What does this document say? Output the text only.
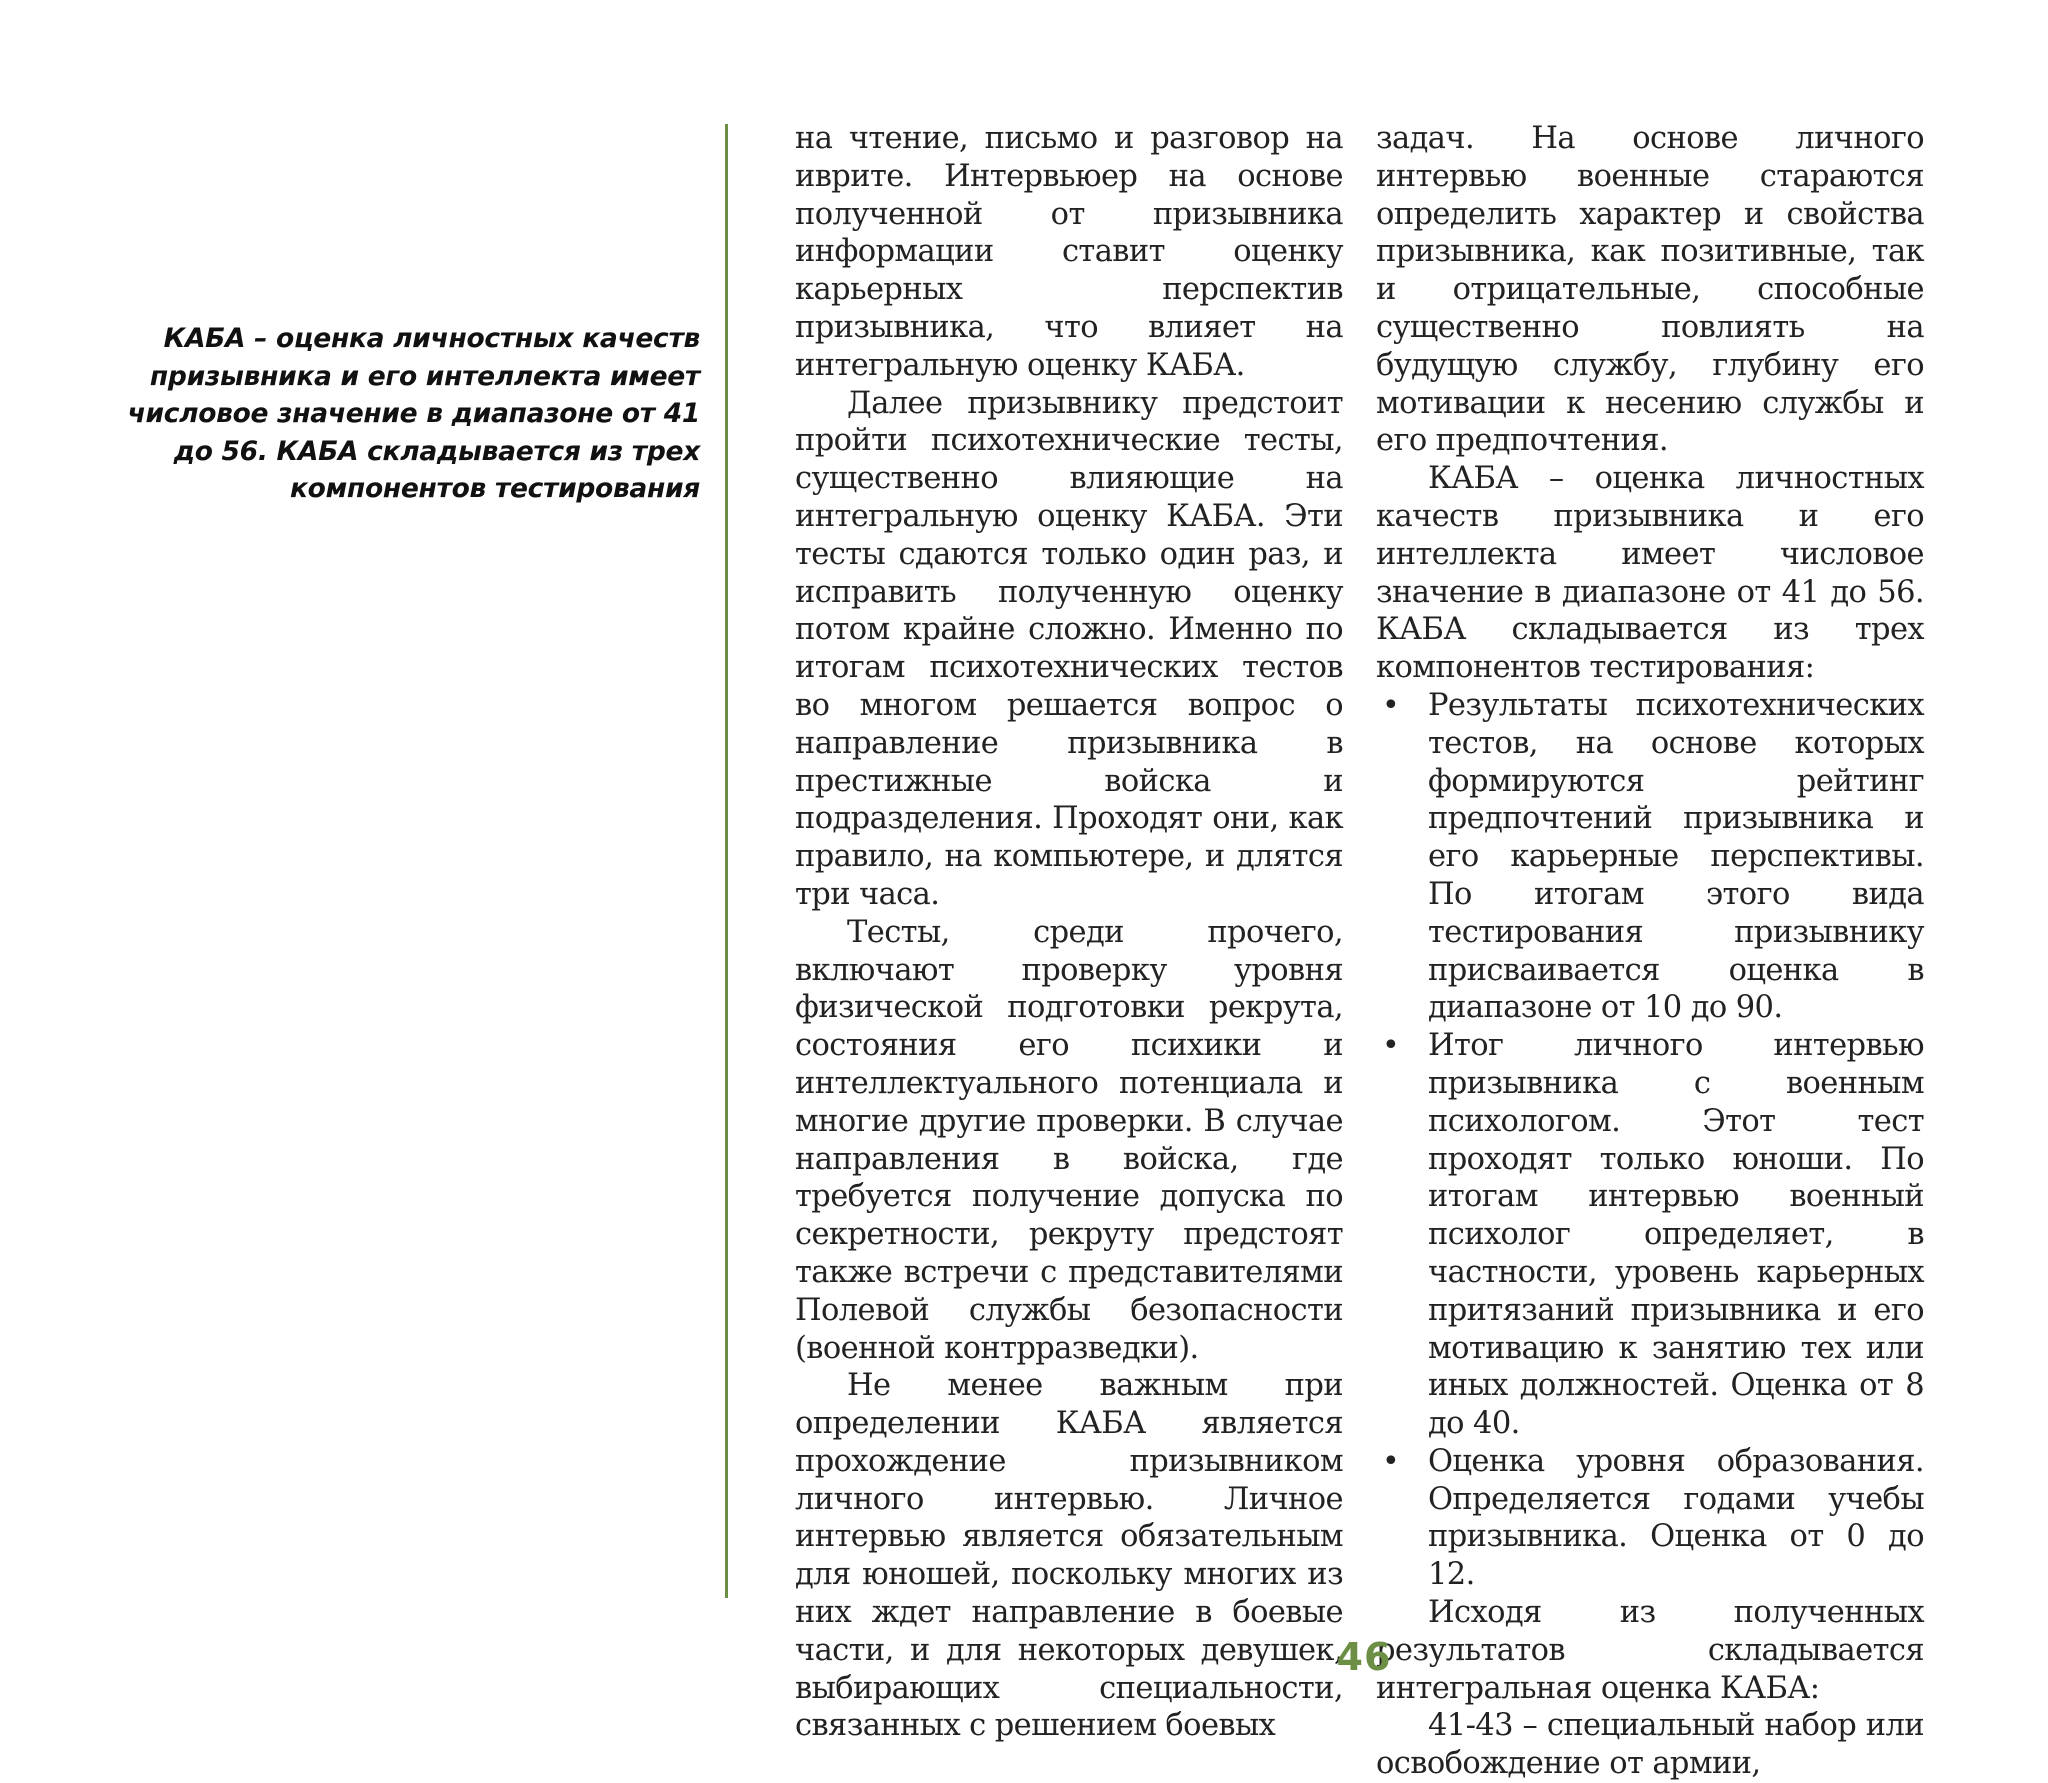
КАБА – оценка личностных качеств призывника и его интеллекта имеет числовое значение в диапазоне от 41 до 56. КАБА складывается из трех компонентов тестирования

на чтение, письмо и разговор на иврите. Интервьюер на основе полученной от призывника информации ставит оценку карьерных перспектив призывника, что влияет на интегральную оценку КАБА.

Далее призывнику предстоит пройти психотехнические тесты, существенно влияющие на интегральную оценку КАБА. Эти тесты сдаются только один раз, и исправить полученную оценку потом крайне сложно. Именно по итогам психотехнических тестов во многом решается вопрос о направление призывника в престижные войска и подразделения. Проходят они, как правило, на компьютере, и длятся три часа.

Тесты, среди прочего, включают проверку уровня физической подготовки рекрута, состояния его психики и интеллектуального потенциала и многие другие проверки. В случае направления в войска, где требуется получение допуска по секретности, рекруту предстоят также встречи с представителями Полевой службы безопасности (военной контрразведки).

Не менее важным при определении КАБА является прохождение призывником личного интервью. Личное интервью является обязательным для юношей, поскольку многих из них ждет направление в боевые части, и для некоторых девушек, выбирающих специальности, связанных с решением боевых

задач. На основе личного интервью военные стараются определить характер и свойства призывника, как позитивные, так и отрицательные, способные существенно повлиять на будущую службу, глубину его мотивации к несению службы и его предпочтения.

КАБА – оценка личностных качеств призывника и его интеллекта имеет числовое значение в диапазоне от 41 до 56. КАБА складывается из трех компонентов тестирования:

• Результаты психотехнических тестов, на основе которых формируются рейтинг предпочтений призывника и его карьерные перспективы. По итогам этого вида тестирования призывнику присваивается оценка в диапазоне от 10 до 90.
• Итог личного интервью призывника с военным психологом. Этот тест проходят только юноши. По итогам интервью военный психолог определяет, в частности, уровень карьерных притязаний призывника и его мотивацию к занятию тех или иных должностей. Оценка от 8 до 40.
• Оценка уровня образования. Определяется годами учебы призывника. Оценка от 0 до 12.

Исходя из полученных результатов складывается интегральная оценка КАБА:

41-43 – специальный набор или освобождение от армии,

46
